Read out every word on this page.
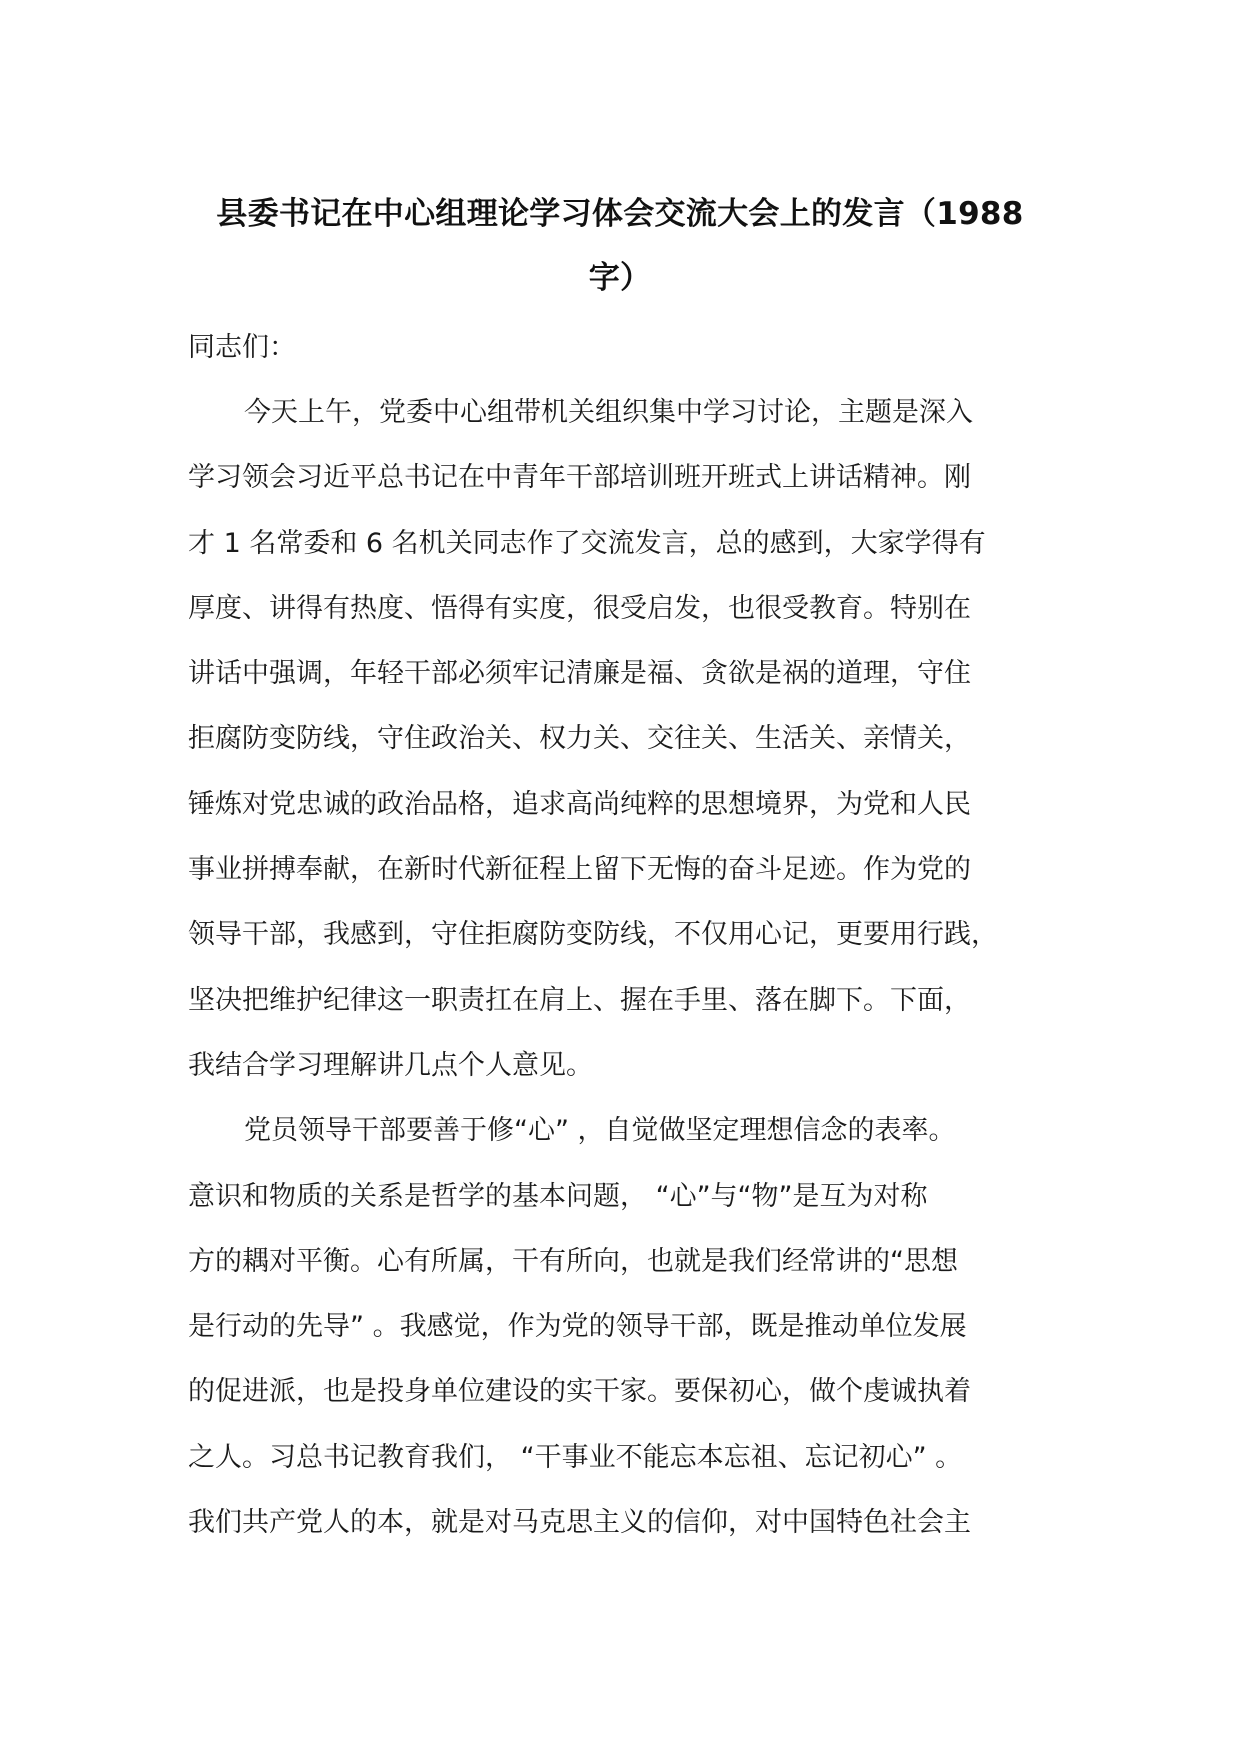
县委书记在中心组理论学习体会交流大会上的发言（1988
字）

同志们：

今天上午，党委中心组带机关组织集中学习讨论，主题是深入
学习领会习近平总书记在中青年干部培训班开班式上讲话精神。刚
才 1 名常委和 6 名机关同志作了交流发言，总的感到，大家学得有
厚度、讲得有热度、悟得有实度，很受启发，也很受教育。特别在
讲话中强调，年轻干部必须牢记清廉是福、贪欲是祸的道理，守住
拒腐防变防线，守住政治关、权力关、交往关、生活关、亲情关，
锤炼对党忠诚的政治品格，追求高尚纯粹的思想境界，为党和人民
事业拼搏奉献，在新时代新征程上留下无悔的奋斗足迹。作为党的
领导干部，我感到，守住拒腐防变防线，不仅用心记，更要用行践，
坚决把维护纪律这一职责扛在肩上、握在手里、落在脚下。下面，
我结合学习理解讲几点个人意见。

党员领导干部要善于修“心” ，自觉做坚定理想信念的表率。
意识和物质的关系是哲学的基本问题， “心”与“物”是互为对称
方的耦对平衡。心有所属，干有所向，也就是我们经常讲的“思想
是行动的先导” 。我感觉，作为党的领导干部，既是推动单位发展
的促进派，也是投身单位建设的实干家。要保初心，做个虔诚执着
之人。习总书记教育我们， “干事业不能忘本忘祖、忘记初心” 。
我们共产党人的本，就是对马克思主义的信仰，对中国特色社会主
